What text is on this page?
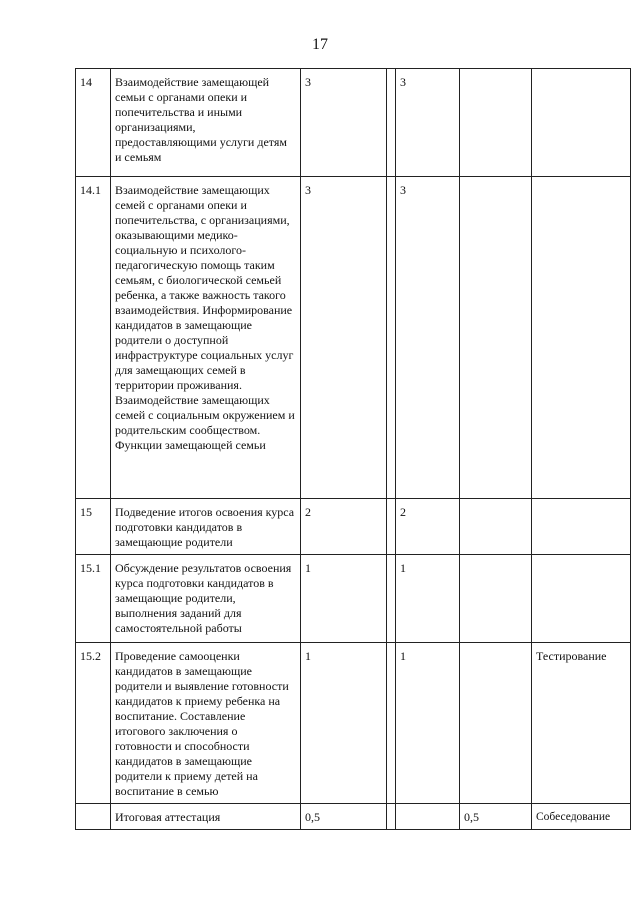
17
14	Взаимодействие замещающей семьи с органами опеки и попечительства и иными организациями, предоставляющими услуги детям и семьям	3		3		
14.1	Взаимодействие замещающих семей с органами опеки и попечительства, с организациями, оказывающими медико-социальную и психолого-педагогическую помощь таким семьям, с биологической семьей ребенка, а также важность такого взаимодействия. Информирование кандидатов в замещающие родители о доступной инфраструктуре социальных услуг для замещающих семей в территории проживания. Взаимодействие замещающих семей с социальным окружением и родительским сообществом. Функции замещающей семьи	3		3		
15	Подведение итогов освоения курса подготовки кандидатов в замещающие родители	2		2		
15.1	Обсуждение результатов освоения курса подготовки кандидатов в замещающие родители, выполнения заданий для самостоятельной работы	1		1		
15.2	Проведение самооценки кандидатов в замещающие родители и выявление готовности кандидатов к приему ребенка на воспитание. Составление итогового заключения о готовности и способности кандидатов в замещающие родители к приему детей на воспитание в семью	1		1		Тестирование
	Итоговая аттестация	0,5			0,5	Собеседование
